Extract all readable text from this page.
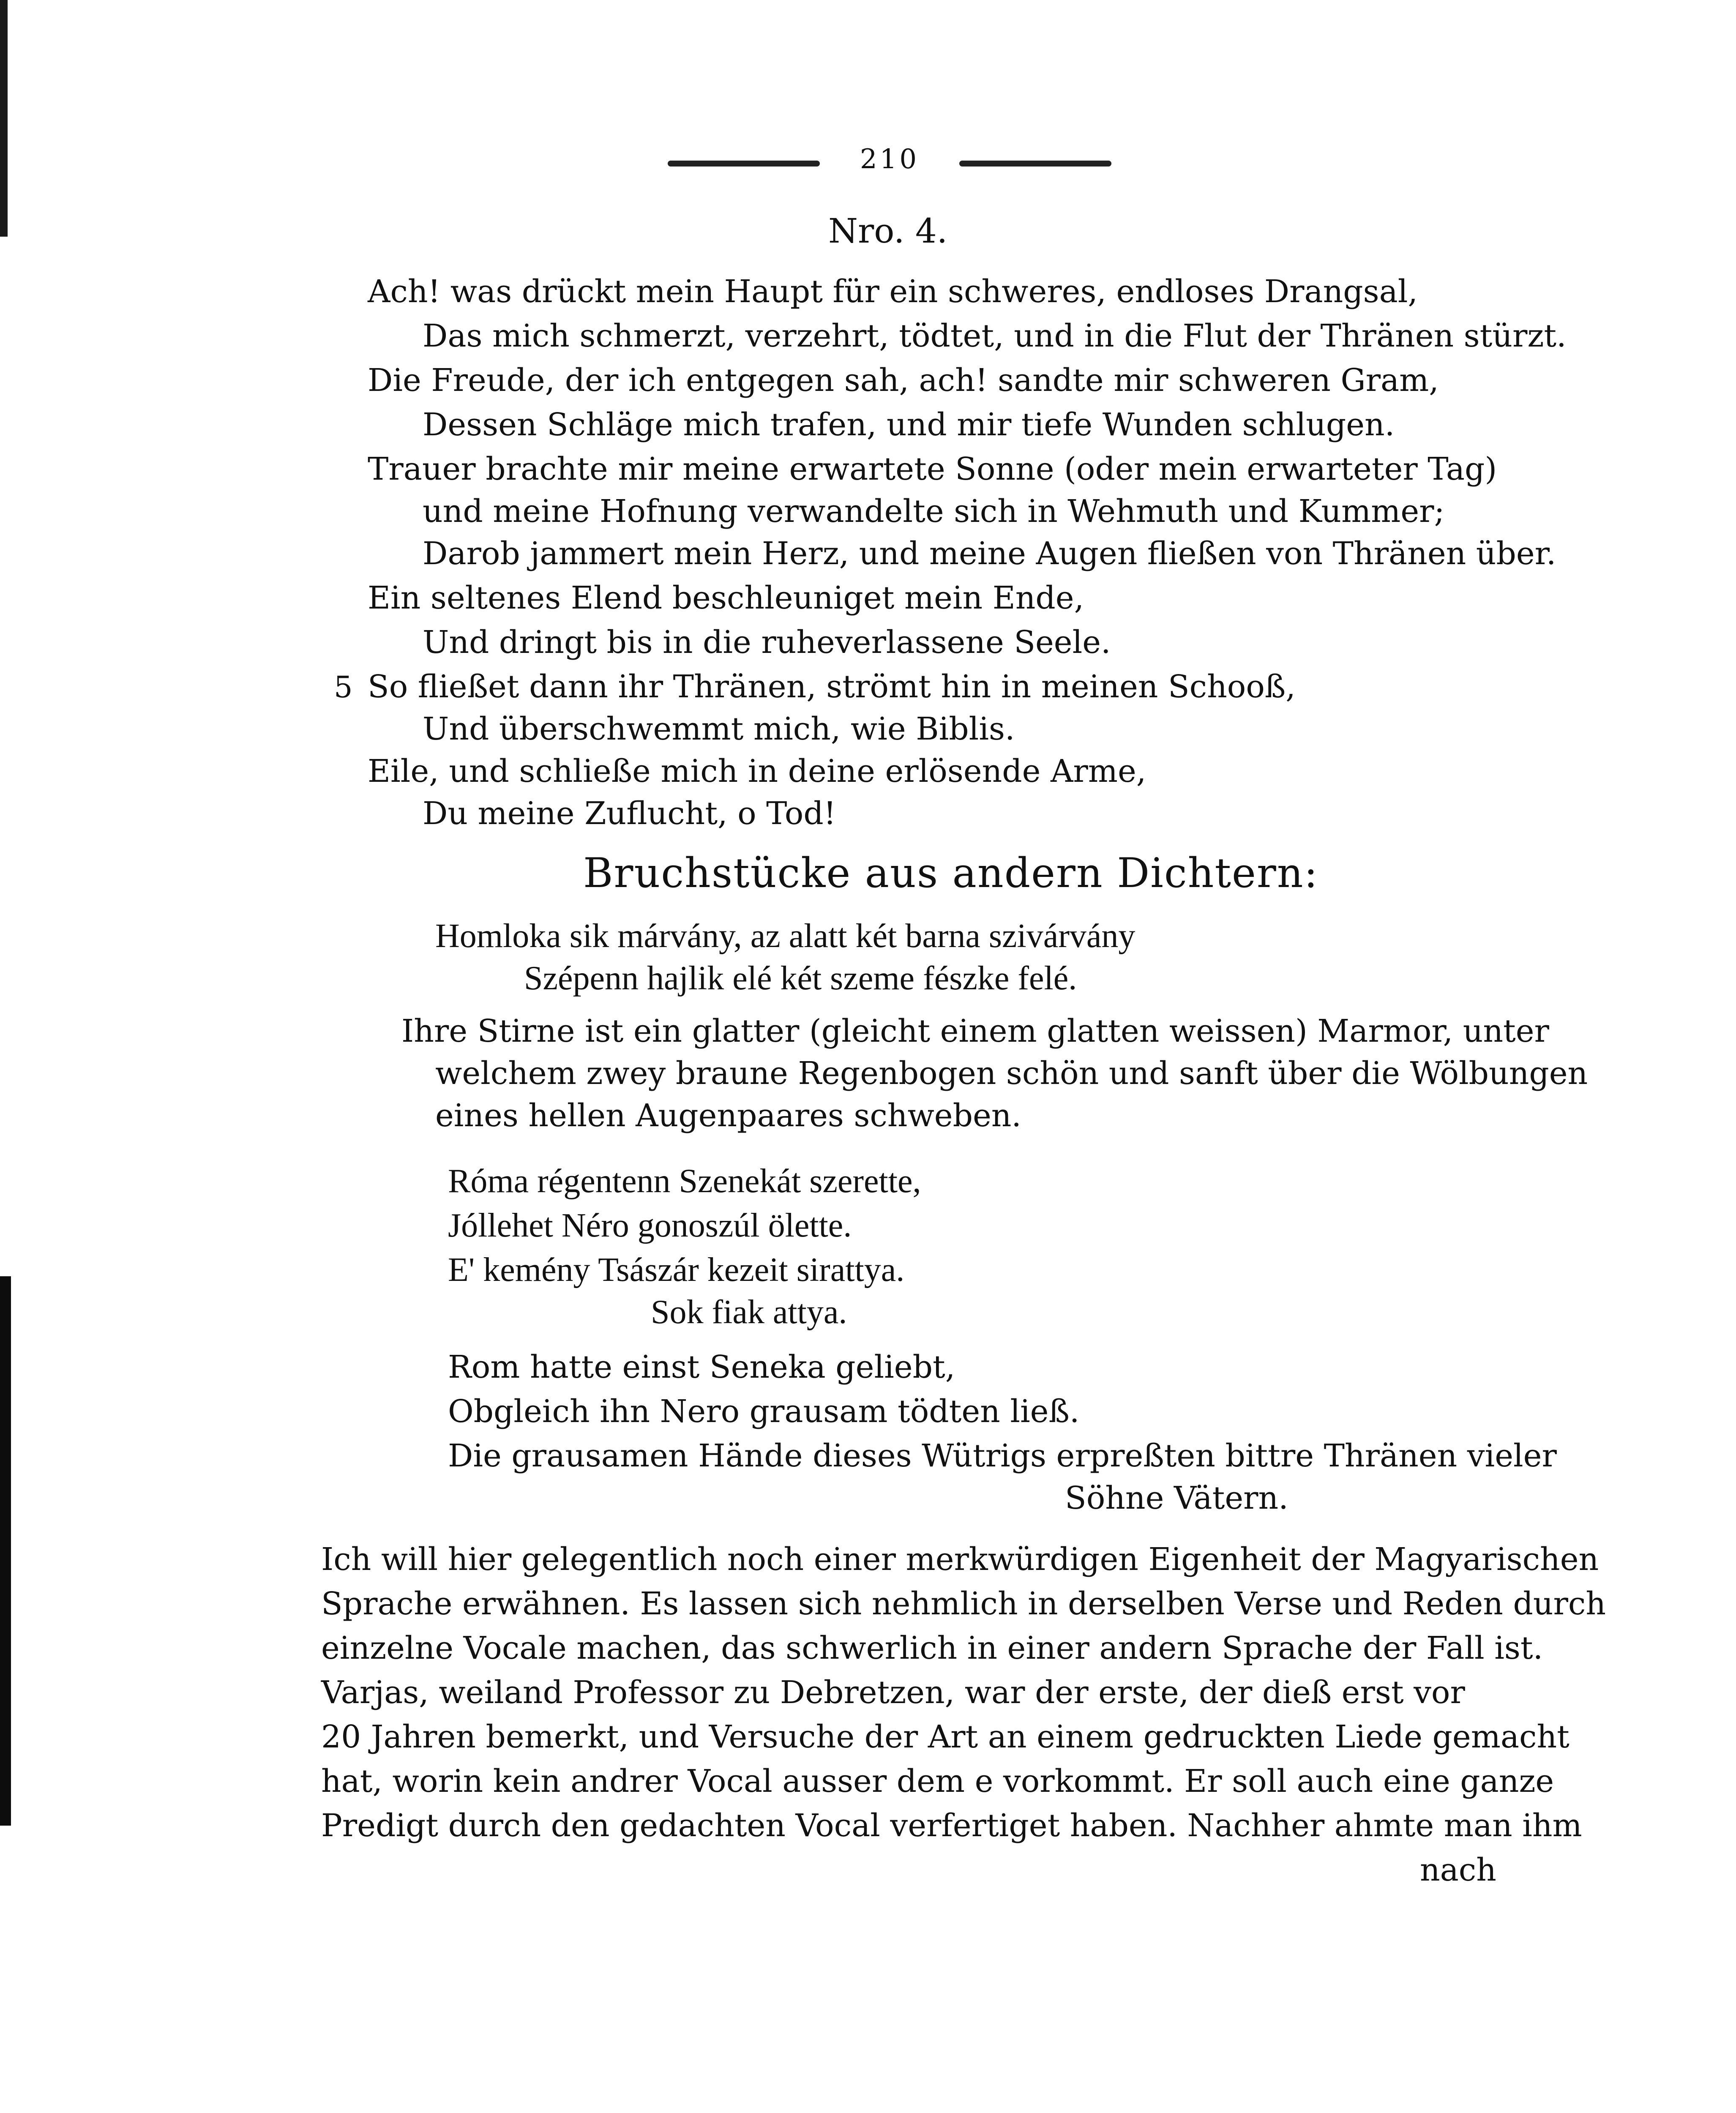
210
Nro. 4.
Ach! was drückt mein Haupt für ein schweres, endloses Drangsal,
Das mich schmerzt, verzehrt, tödtet, und in die Flut der Thränen stürzt.
Die Freude, der ich entgegen sah, ach! sandte mir schweren Gram,
Dessen Schläge mich trafen, und mir tiefe Wunden schlugen.
Trauer brachte mir meine erwartete Sonne (oder mein erwarteter Tag)
und meine Hofnung verwandelte sich in Wehmuth und Kummer;
Darob jammert mein Herz, und meine Augen fließen von Thränen über.
Ein seltenes Elend beschleuniget mein Ende,
Und dringt bis in die ruheverlassene Seele.
5 So fließet dann ihr Thränen, strömt hin in meinen Schooß,
Und überschwemmt mich, wie Biblis.
Eile, und schließe mich in deine erlösende Arme,
Du meine Zuflucht, o Tod!
Bruchstücke aus andern Dichtern:
Homloka sik márvány, az alatt két barna szivárvány
Szépenn hajlik elé két szeme fészke felé.
Ihre Stirne ist ein glatter (gleicht einem glatten weissen) Marmor, unter
welchem zwey braune Regenbogen schön und sanft über die Wölbungen
eines hellen Augenpaares schweben.
Róma régentenn Szenekát szerette,
Jóllehet Néro gonoszúl ölette.
E' kemény Tsászár kezeit sirattya.
Sok fiak attya.
Rom hatte einst Seneka geliebt,
Obgleich ihn Nero grausam tödten ließ.
Die grausamen Hände dieses Wütrigs erpreßten bittre Thränen vieler
Söhne Vätern.
Ich will hier gelegentlich noch einer merkwürdigen Eigenheit der Magyarischen
Sprache erwähnen. Es lassen sich nehmlich in derselben Verse und Reden durch
einzelne Vocale machen, das schwerlich in einer andern Sprache der Fall ist.
Varjas, weiland Professor zu Debretzen, war der erste, der dieß erst vor
20 Jahren bemerkt, und Versuche der Art an einem gedruckten Liede gemacht
hat, worin kein andrer Vocal ausser dem e vorkommt. Er soll auch eine ganze
Predigt durch den gedachten Vocal verfertiget haben. Nachher ahmte man ihm
nach
